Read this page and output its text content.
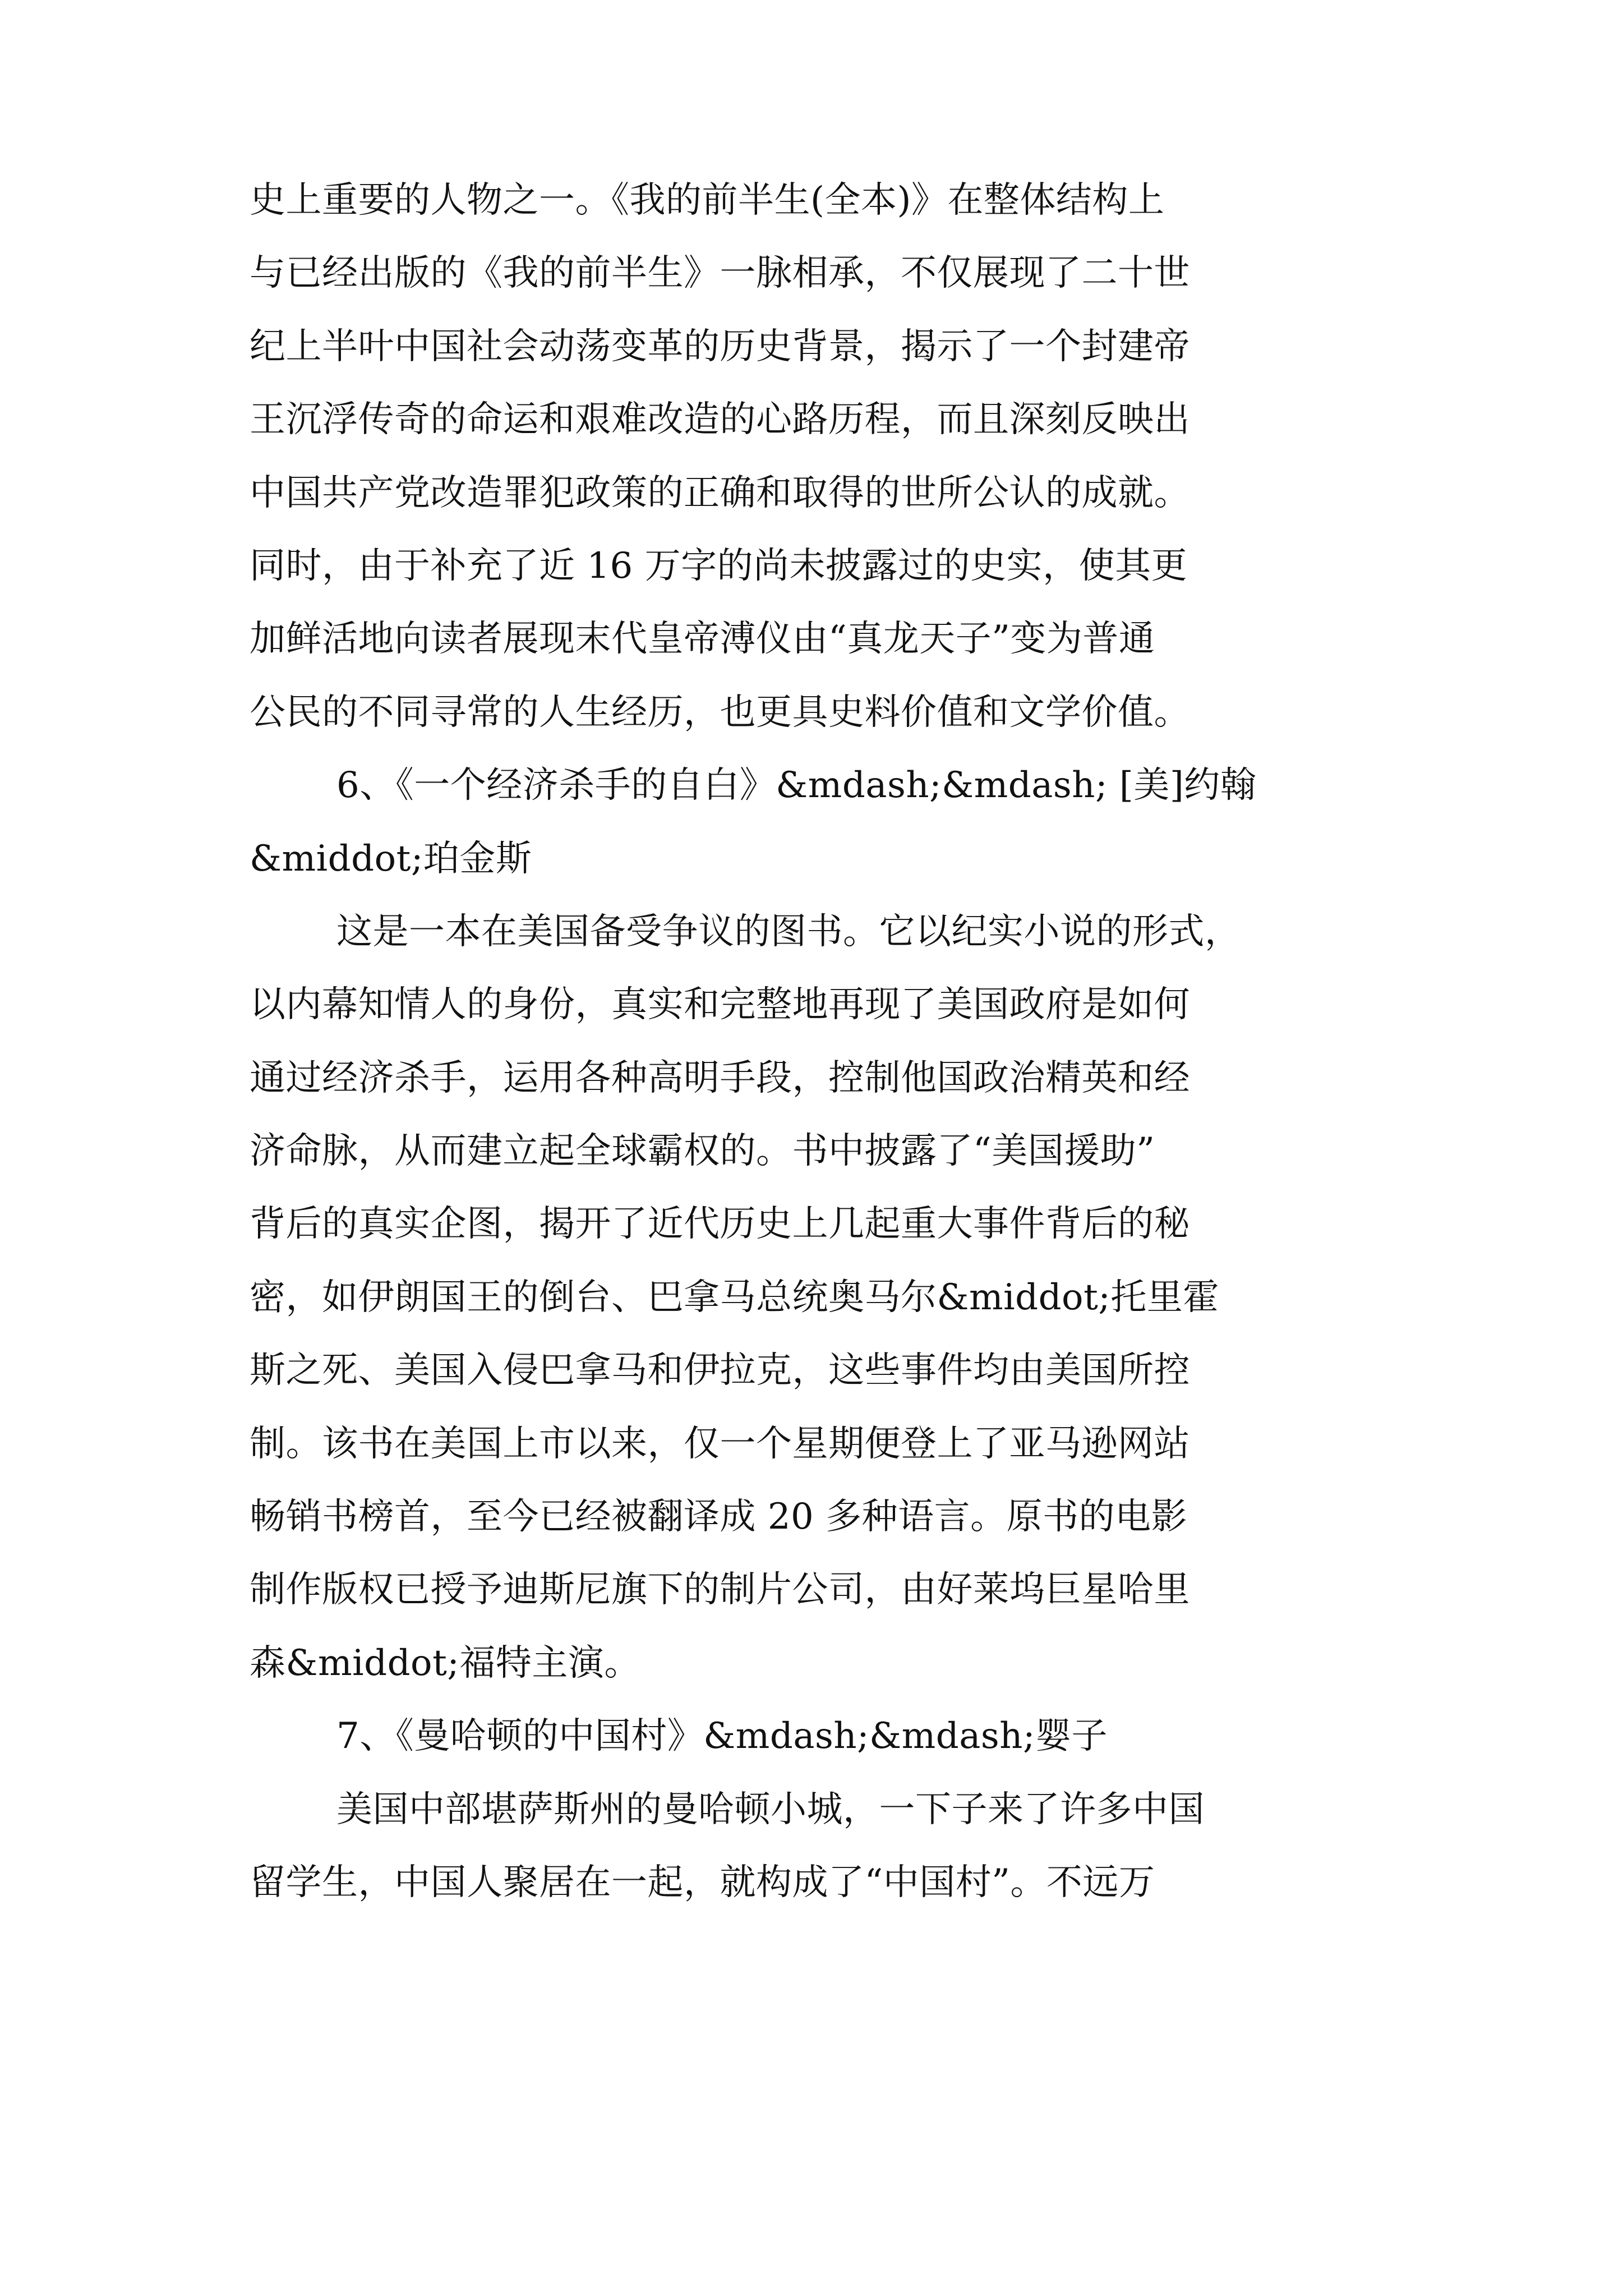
史上重要的人物之一。《我的前半生(全本)》在整体结构上
与已经出版的《我的前半生》一脉相承，不仅展现了二十世
纪上半叶中国社会动荡变革的历史背景，揭示了一个封建帝
王沉浮传奇的命运和艰难改造的心路历程，而且深刻反映出
中国共产党改造罪犯政策的正确和取得的世所公认的成就。
同时，由于补充了近 16 万字的尚未披露过的史实，使其更
加鲜活地向读者展现末代皇帝溥仪由“真龙天子”变为普通
公民的不同寻常的人生经历，也更具史料价值和文学价值。
6、《一个经济杀手的自白》&mdash;&mdash; [美]约翰
&middot;珀金斯
这是一本在美国备受争议的图书。它以纪实小说的形式，
以内幕知情人的身份，真实和完整地再现了美国政府是如何
通过经济杀手，运用各种高明手段，控制他国政治精英和经
济命脉，从而建立起全球霸权的。书中披露了“美国援助”
背后的真实企图，揭开了近代历史上几起重大事件背后的秘
密，如伊朗国王的倒台、巴拿马总统奥马尔&middot;托里霍
斯之死、美国入侵巴拿马和伊拉克，这些事件均由美国所控
制。该书在美国上市以来，仅一个星期便登上了亚马逊网站
畅销书榜首，至今已经被翻译成 20 多种语言。原书的电影
制作版权已授予迪斯尼旗下的制片公司，由好莱坞巨星哈里
森&middot;福特主演。
7、《曼哈顿的中国村》&mdash;&mdash;婴子
美国中部堪萨斯州的曼哈顿小城，一下子来了许多中国
留学生，中国人聚居在一起，就构成了“中国村”。不远万
